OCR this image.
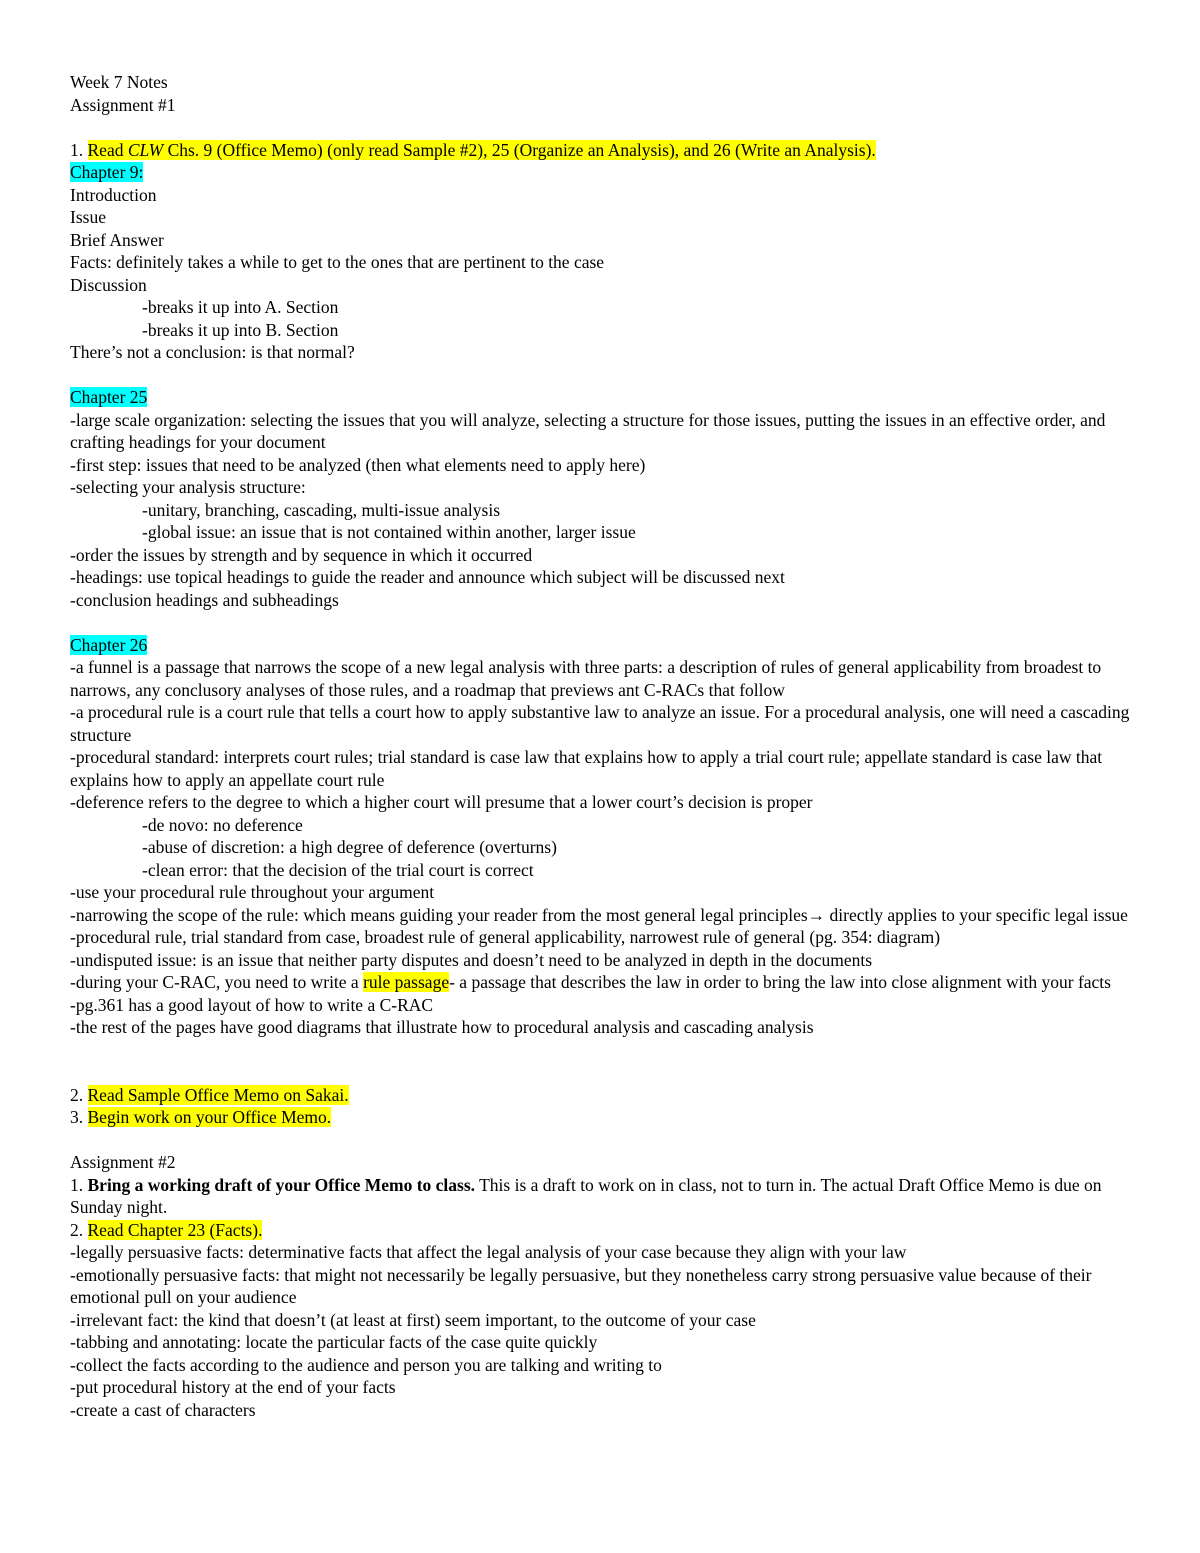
Week 7 Notes
Assignment #1
1. Read CLW Chs. 9 (Office Memo) (only read Sample #2), 25 (Organize an Analysis), and 26 (Write an Analysis).
Chapter 9:
Introduction
Issue
Brief Answer
Facts: definitely takes a while to get to the ones that are pertinent to the case
Discussion
-breaks it up into A. Section
-breaks it up into B. Section
There’s not a conclusion: is that normal?
Chapter 25
-large scale organization: selecting the issues that you will analyze, selecting a structure for those issues, putting the issues in an effective order, and crafting headings for your document
-first step: issues that need to be analyzed (then what elements need to apply here)
-selecting your analysis structure:
-unitary, branching, cascading, multi-issue analysis
-global issue: an issue that is not contained within another, larger issue
-order the issues by strength and by sequence in which it occurred
-headings: use topical headings to guide the reader and announce which subject will be discussed next
-conclusion headings and subheadings
Chapter 26
-a funnel is a passage that narrows the scope of a new legal analysis with three parts: a description of rules of general applicability from broadest to narrows, any conclusory analyses of those rules, and a roadmap that previews ant C-RACs that follow
-a procedural rule is a court rule that tells a court how to apply substantive law to analyze an issue. For a procedural analysis, one will need a cascading structure
-procedural standard: interprets court rules; trial standard is case law that explains how to apply a trial court rule; appellate standard is case law that explains how to apply an appellate court rule
-deference refers to the degree to which a higher court will presume that a lower court’s decision is proper
-de novo: no deference
-abuse of discretion: a high degree of deference (overturns)
-clean error: that the decision of the trial court is correct
-use your procedural rule throughout your argument
-narrowing the scope of the rule: which means guiding your reader from the most general legal principles→ directly applies to your specific legal issue
-procedural rule, trial standard from case, broadest rule of general applicability, narrowest rule of general (pg. 354: diagram)
-undisputed issue: is an issue that neither party disputes and doesn’t need to be analyzed in depth in the documents
-during your C-RAC, you need to write a rule passage- a passage that describes the law in order to bring the law into close alignment with your facts
-pg.361 has a good layout of how to write a C-RAC
-the rest of the pages have good diagrams that illustrate how to procedural analysis and cascading analysis
2. Read Sample Office Memo on Sakai.
3. Begin work on your Office Memo.
Assignment #2
1. Bring a working draft of your Office Memo to class. This is a draft to work on in class, not to turn in. The actual Draft Office Memo is due on Sunday night.
2. Read Chapter 23 (Facts).
-legally persuasive facts: determinative facts that affect the legal analysis of your case because they align with your law
-emotionally persuasive facts: that might not necessarily be legally persuasive, but they nonetheless carry strong persuasive value because of their emotional pull on your audience
-irrelevant fact: the kind that doesn’t (at least at first) seem important, to the outcome of your case
-tabbing and annotating: locate the particular facts of the case quite quickly
-collect the facts according to the audience and person you are talking and writing to
-put procedural history at the end of your facts
-create a cast of characters
